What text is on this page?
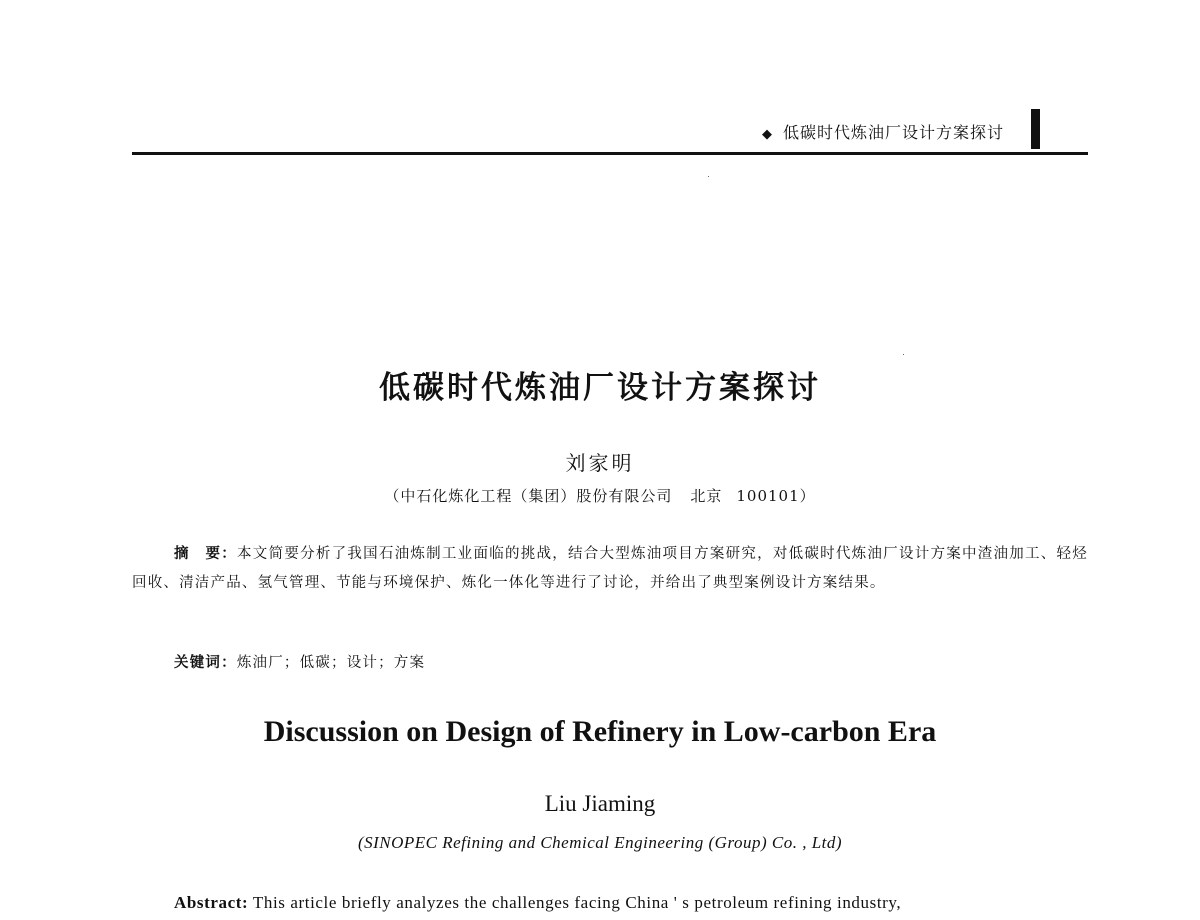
◆ 低碳时代炼油厂设计方案探讨
低碳时代炼油厂设计方案探讨
刘家明
（中石化炼化工程（集团）股份有限公司 北京 100101）

摘　要：本文简要分析了我国石油炼制工业面临的挑战，结合大型炼油项目方案研究，对低碳时代炼油厂设计方案中渣油加工、轻烃回收、清洁产品、氢气管理、节能与环境保护、炼化一体化等进行了讨论，并给出了典型案例设计方案结果。

关键词：炼油厂；低碳；设计；方案
Discussion on Design of Refinery in Low-carbon Era
Liu Jiaming
(SINOPEC Refining and Chemical Engineering (Group) Co. , Ltd)
Abstract: This article briefly analyzes the challenges facing China ' s petroleum refining industry,
